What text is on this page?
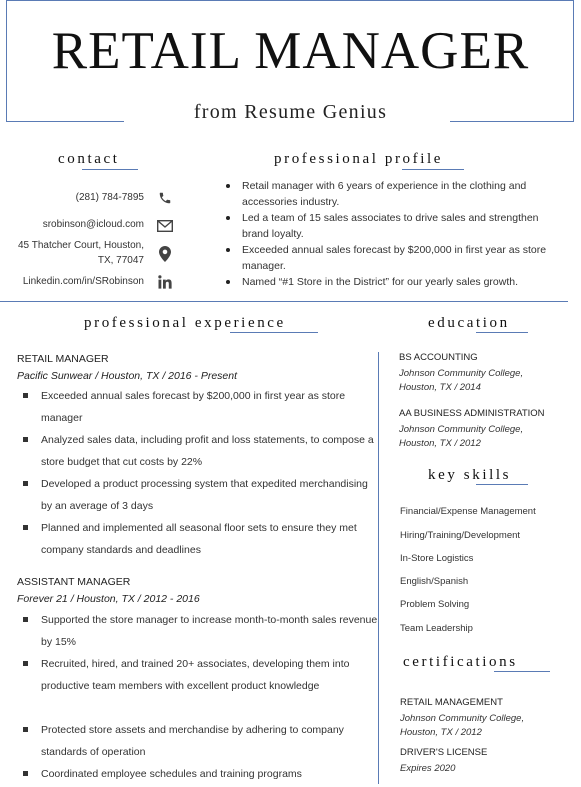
RETAIL MANAGER
from Resume Genius
contact
(281) 784-7895
srobinson@icloud.com
45 Thatcher Court, Houston,
TX, 77047
Linkedin.com/in/SRobinson
professional profile
Retail manager with 6 years of experience in the clothing and accessories industry.
Led a team of 15 sales associates to drive sales and strengthen brand loyalty.
Exceeded annual sales forecast by $200,000 in first year as store manager.
Named “#1 Store in the District” for our yearly sales growth.
professional experience
RETAIL MANAGER
Pacific Sunwear / Houston, TX / 2016 - Present
Exceeded annual sales forecast by $200,000 in first year as store manager
Analyzed sales data, including profit and loss statements, to compose a store budget that cut costs by 22%
Developed a product processing system that expedited merchandising by an average of 3 days
Planned and implemented all seasonal floor sets to ensure they met company standards and deadlines
ASSISTANT MANAGER
Forever 21 / Houston, TX / 2012 - 2016
Supported the store manager to increase month-to-month sales revenue by 15%
Recruited, hired, and trained 20+ associates, developing them into productive team members with excellent product knowledge
Protected store assets and merchandise by adhering to company standards of operation
Coordinated employee schedules and training programs
education
BS ACCOUNTING
Johnson Community College,
Houston, TX / 2014
AA BUSINESS ADMINISTRATION
Johnson Community College,
Houston, TX / 2012
key skills
Financial/Expense Management
Hiring/Training/Development
In-Store Logistics
English/Spanish
Problem Solving
Team Leadership
certifications
RETAIL MANAGEMENT
Johnson Community College,
Houston, TX / 2012
DRIVER'S LICENSE
Expires 2020
